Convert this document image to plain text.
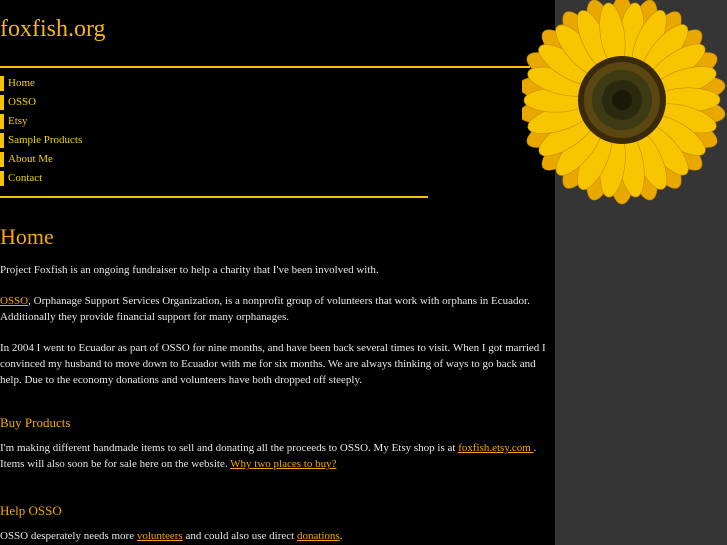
foxfish.org
Home
OSSO
Etsy
Sample Products
About Me
Contact
Home

Project Foxfish is an ongoing fundraiser to help a charity that I've been involved with.

OSSO, Orphanage Support Services Organization, is a nonprofit group of volunteers that work with orphans in Ecuador. Additionally they provide financial support for many orphanages.

In 2004 I went to Ecuador as part of OSSO for nine months, and have been back several times to visit. When I got married I convinced my husband to move down to Ecuador with me for six months. We are always thinking of ways to go back and help. Due to the economy donations and volunteers have both dropped off steeply.

Buy Products

I'm making different handmade items to sell and donating all the proceeds to OSSO. My Etsy shop is at foxfish.etsy.com . Items will also soon be for sale here on the website. Why two places to buy?

Help OSSO

OSSO desperately needs more volunteers and could also use direct donations.
